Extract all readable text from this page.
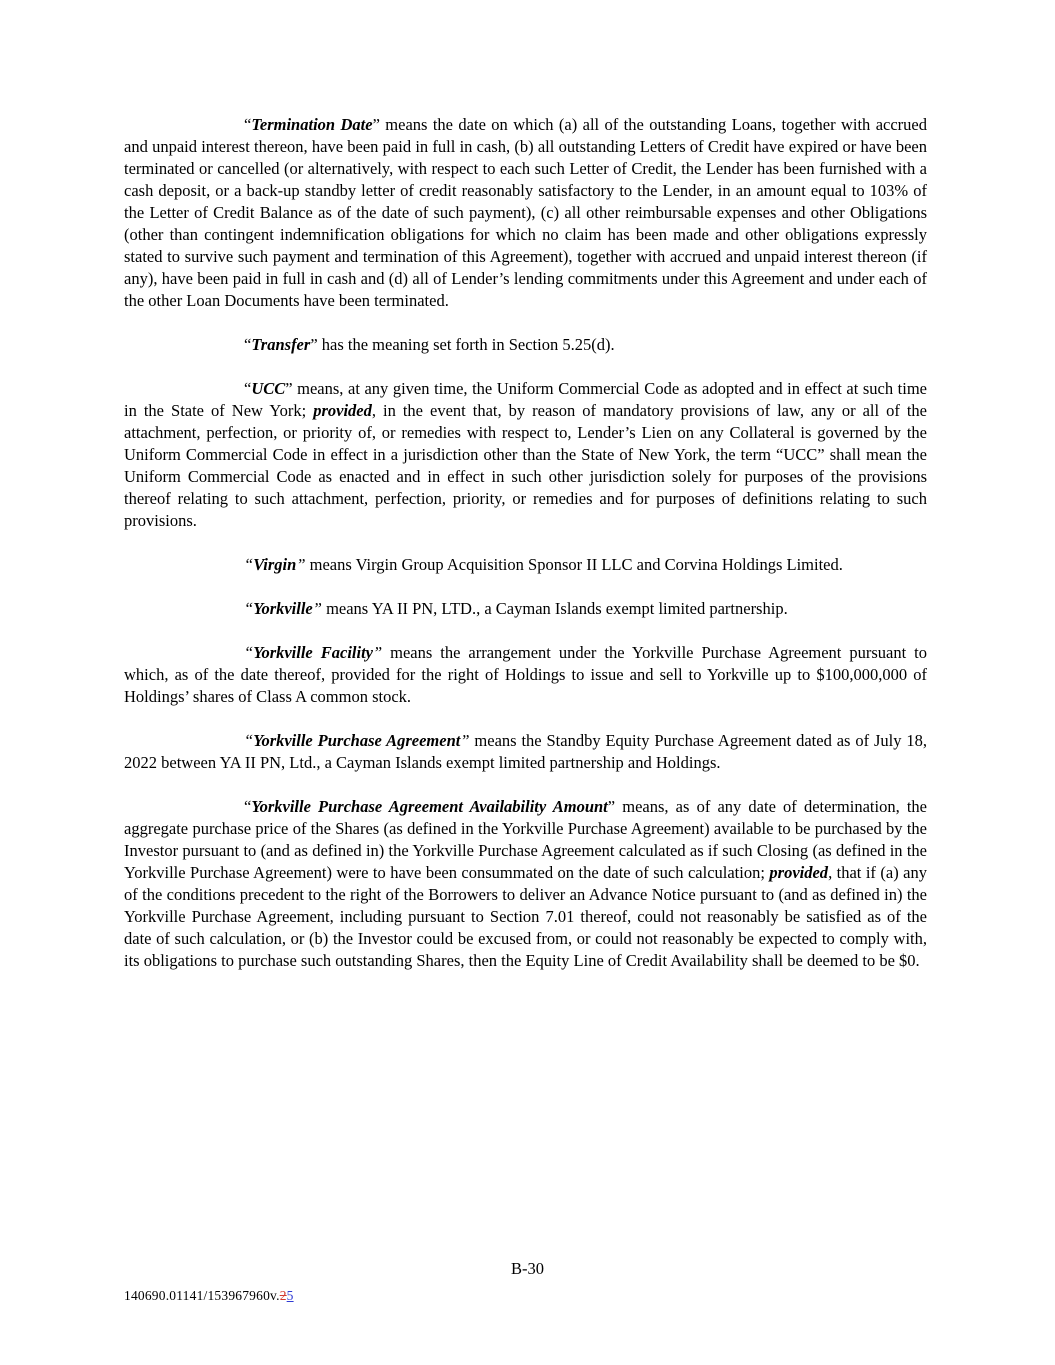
“Termination Date” means the date on which (a) all of the outstanding Loans, together with accrued and unpaid interest thereon, have been paid in full in cash, (b) all outstanding Letters of Credit have expired or have been terminated or cancelled (or alternatively, with respect to each such Letter of Credit, the Lender has been furnished with a cash deposit, or a back-up standby letter of credit reasonably satisfactory to the Lender, in an amount equal to 103% of the Letter of Credit Balance as of the date of such payment), (c) all other reimbursable expenses and other Obligations (other than contingent indemnification obligations for which no claim has been made and other obligations expressly stated to survive such payment and termination of this Agreement), together with accrued and unpaid interest thereon (if any), have been paid in full in cash and (d) all of Lender’s lending commitments under this Agreement and under each of the other Loan Documents have been terminated.

“Transfer” has the meaning set forth in Section 5.25(d).

“UCC” means, at any given time, the Uniform Commercial Code as adopted and in effect at such time in the State of New York; provided, in the event that, by reason of mandatory provisions of law, any or all of the attachment, perfection, or priority of, or remedies with respect to, Lender’s Lien on any Collateral is governed by the Uniform Commercial Code in effect in a jurisdiction other than the State of New York, the term “UCC” shall mean the Uniform Commercial Code as enacted and in effect in such other jurisdiction solely for purposes of the provisions thereof relating to such attachment, perfection, priority, or remedies and for purposes of definitions relating to such provisions.

“Virgin” means Virgin Group Acquisition Sponsor II LLC and Corvina Holdings Limited.

“Yorkville” means YA II PN, LTD., a Cayman Islands exempt limited partnership.

“Yorkville Facility” means the arrangement under the Yorkville Purchase Agreement pursuant to which, as of the date thereof, provided for the right of Holdings to issue and sell to Yorkville up to $100,000,000 of Holdings’ shares of Class A common stock.

“Yorkville Purchase Agreement” means the Standby Equity Purchase Agreement dated as of July 18, 2022 between YA II PN, Ltd., a Cayman Islands exempt limited partnership and Holdings.

“Yorkville Purchase Agreement Availability Amount” means, as of any date of determination, the aggregate purchase price of the Shares (as defined in the Yorkville Purchase Agreement) available to be purchased by the Investor pursuant to (and as defined in) the Yorkville Purchase Agreement calculated as if such Closing (as defined in the Yorkville Purchase Agreement) were to have been consummated on the date of such calculation; provided, that if (a) any of the conditions precedent to the right of the Borrowers to deliver an Advance Notice pursuant to (and as defined in) the Yorkville Purchase Agreement, including pursuant to Section 7.01 thereof, could not reasonably be satisfied as of the date of such calculation, or (b) the Investor could be excused from, or could not reasonably be expected to comply with, its obligations to purchase such outstanding Shares, then the Equity Line of Credit Availability shall be deemed to be $0.

B-30
140690.01141/153967960v.25
